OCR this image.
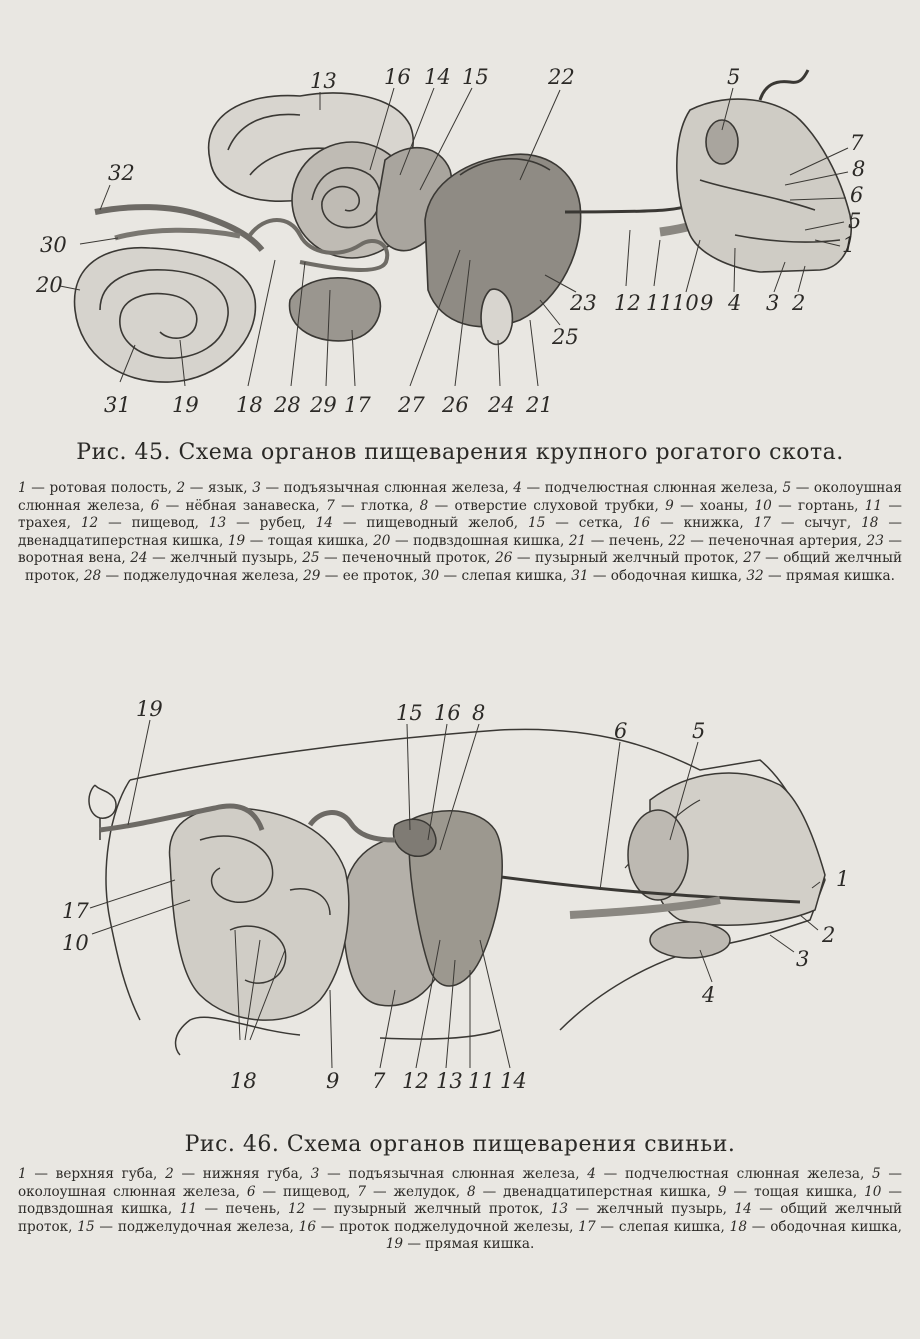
32
30
20
13 16 14 15	22	5
7
8
6
5
1
31 19 18 28 29 17 27 26 24 21
25
23 12 11 10 9 4 3 2
Рис. 45. Схема органов пищеварения крупного рогатого скота.
1 — ротовая полость, 2 — язык, 3 — подъязычная слюнная железа, 4 — подчелюстная слюнная железа, 5 — околоушная слюнная железа, 6 — нёбная занавеска, 7 — глотка, 8 — отверстие слуховой трубки, 9 — хоаны, 10 — гортань, 11 — трахея, 12 — пищевод, 13 — рубец, 14 — пищеводный желоб, 15 — сетка, 16 — книжка, 17 — сычуг, 18 — двенадцатиперстная кишка, 19 — тощая кишка, 20 — подвздошная кишка, 21 — печень, 22 — печеночная артерия, 23 — воротная вена, 24 — желчный пузырь, 25 — печеночный проток, 26 — пузырный желчный проток, 27 — общий желчный проток, 28 — поджелудочная железа, 29 — ее проток, 30 — слепая кишка, 31 — ободочная кишка, 32 — прямая кишка.
19	15 16 8
6	5
1
17
10	2
3
4
18	9 7 12 13 11 14
Рис. 46. Схема органов пищеварения свиньи.
1 — верхняя губа, 2 — нижняя губа, 3 — подъязычная слюнная железа, 4 — подчелюстная слюнная железа, 5 — околоушная слюнная железа, 6 — пищевод, 7 — желудок, 8 — двенадцатиперстная кишка, 9 — тощая кишка, 10 — подвздошная кишка, 11 — печень, 12 — пузырный желчный проток, 13 — желчный пузырь, 14 — общий желчный проток, 15 — поджелудочная железа, 16 — проток поджелудочной железы, 17 — слепая кишка, 18 — ободочная кишка, 19 — прямая кишка.
